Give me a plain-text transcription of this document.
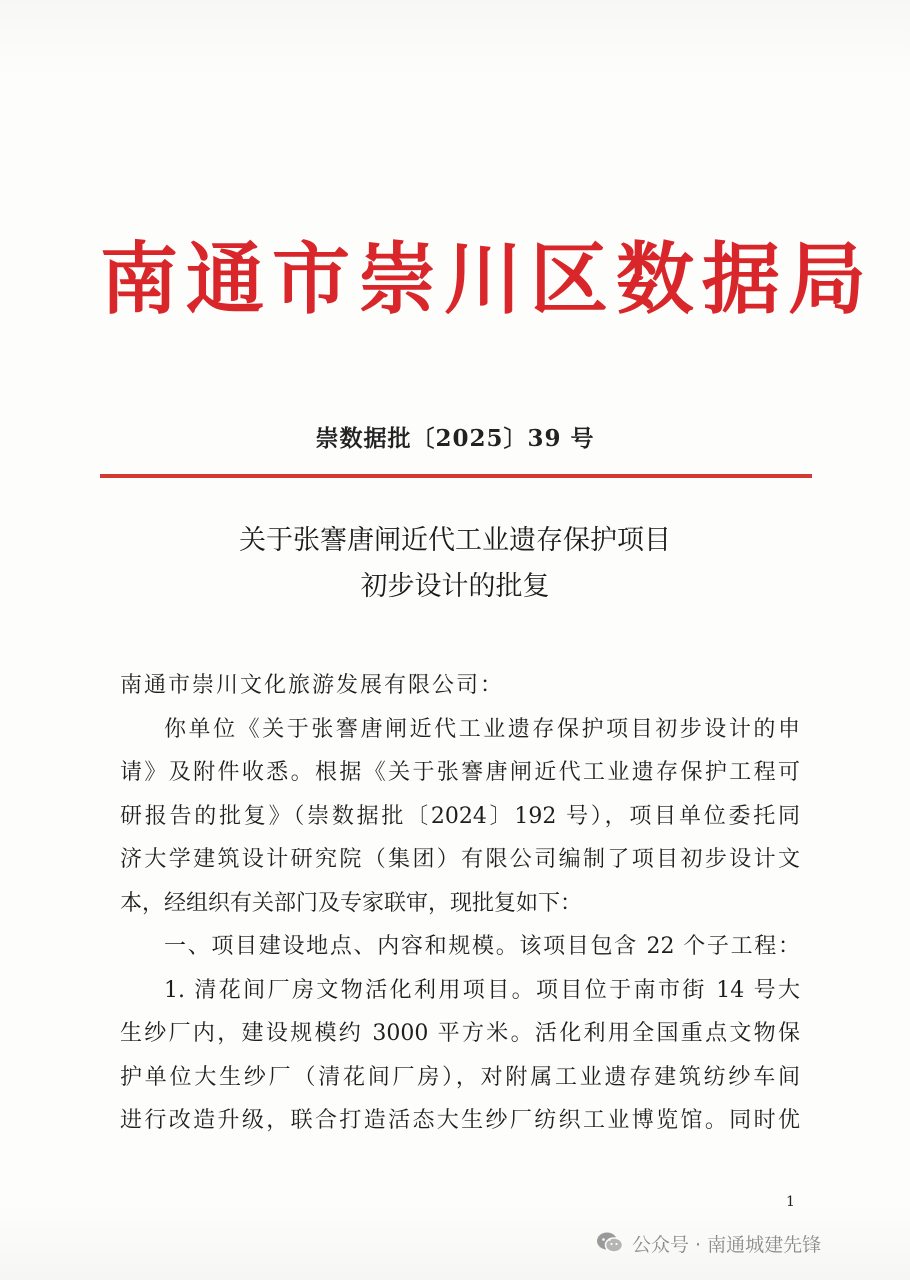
南通市崇川区数据局
崇数据批〔2025〕39 号
关于张謇唐闸近代工业遗存保护项目
初步设计的批复
南通市崇川文化旅游发展有限公司：
你单位《关于张謇唐闸近代工业遗存保护项目初步设计的申
请》及附件收悉。根据《关于张謇唐闸近代工业遗存保护工程可
研报告的批复》（崇数据批〔2024〕192 号），项目单位委托同
济大学建筑设计研究院（集团）有限公司编制了项目初步设计文
本，经组织有关部门及专家联审，现批复如下：
一、项目建设地点、内容和规模。该项目包含 22 个子工程：
1. 清花间厂房文物活化利用项目。项目位于南市街 14 号大
生纱厂内，建设规模约 3000 平方米。活化利用全国重点文物保
护单位大生纱厂（清花间厂房），对附属工业遗存建筑纺纱车间
进行改造升级，联合打造活态大生纱厂纺织工业博览馆。同时优
1
公众号 · 南通城建先锋
